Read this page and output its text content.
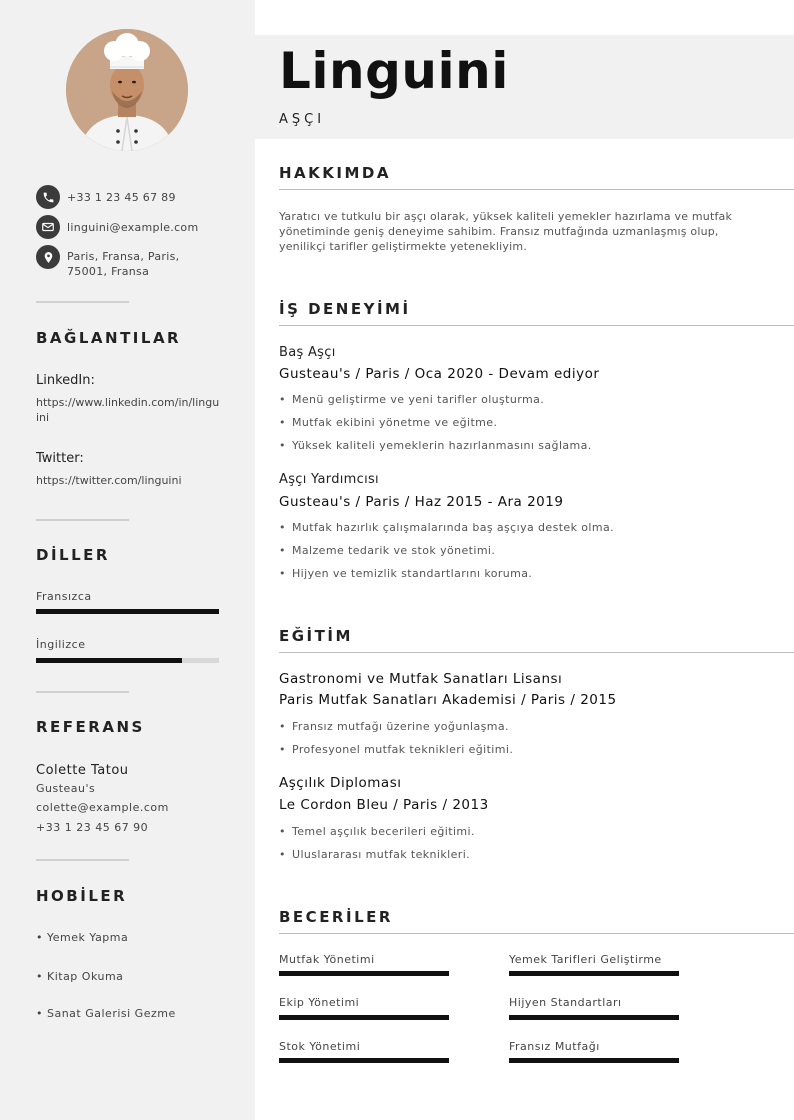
+33 1 23 45 67 89
linguini@example.com
Paris, Fransa, Paris,
75001, Fransa
BAĞLANTILAR
LinkedIn:
https://www.linkedin.com/in/linguini
Twitter:
https://twitter.com/linguini
DİLLER
Fransızca
İngilizce
REFERANS
Colette Tatou
Gusteau's
colette@example.com
+33 1 23 45 67 90
HOBİLER
• Yemek Yapma
• Kitap Okuma
• Sanat Galerisi Gezme
Linguini
AŞÇI
HAKKIMDA
Yaratıcı ve tutkulu bir aşçı olarak, yüksek kaliteli yemekler hazırlama ve mutfak yönetiminde geniş deneyime sahibim. Fransız mutfağında uzmanlaşmış olup, yenilikçi tarifler geliştirmekte yetenekliyim.
İŞ DENEYİMİ
Baş Aşçı
Gusteau's / Paris / Oca 2020 - Devam ediyor
• Menü geliştirme ve yeni tarifler oluşturma.
• Mutfak ekibini yönetme ve eğitme.
• Yüksek kaliteli yemeklerin hazırlanmasını sağlama.
Aşçı Yardımcısı
Gusteau's / Paris / Haz 2015 - Ara 2019
• Mutfak hazırlık çalışmalarında baş aşçıya destek olma.
• Malzeme tedarik ve stok yönetimi.
• Hijyen ve temizlik standartlarını koruma.
EĞİTİM
Gastronomi ve Mutfak Sanatları Lisansı
Paris Mutfak Sanatları Akademisi / Paris / 2015
• Fransız mutfağı üzerine yoğunlaşma.
• Profesyonel mutfak teknikleri eğitimi.
Aşçılık Diploması
Le Cordon Bleu / Paris / 2013
• Temel aşçılık becerileri eğitimi.
• Uluslararası mutfak teknikleri.
BECERİLER
Mutfak Yönetimi	Yemek Tarifleri Geliştirme
Ekip Yönetimi	Hijyen Standartları
Stok Yönetimi	Fransız Mutfağı
